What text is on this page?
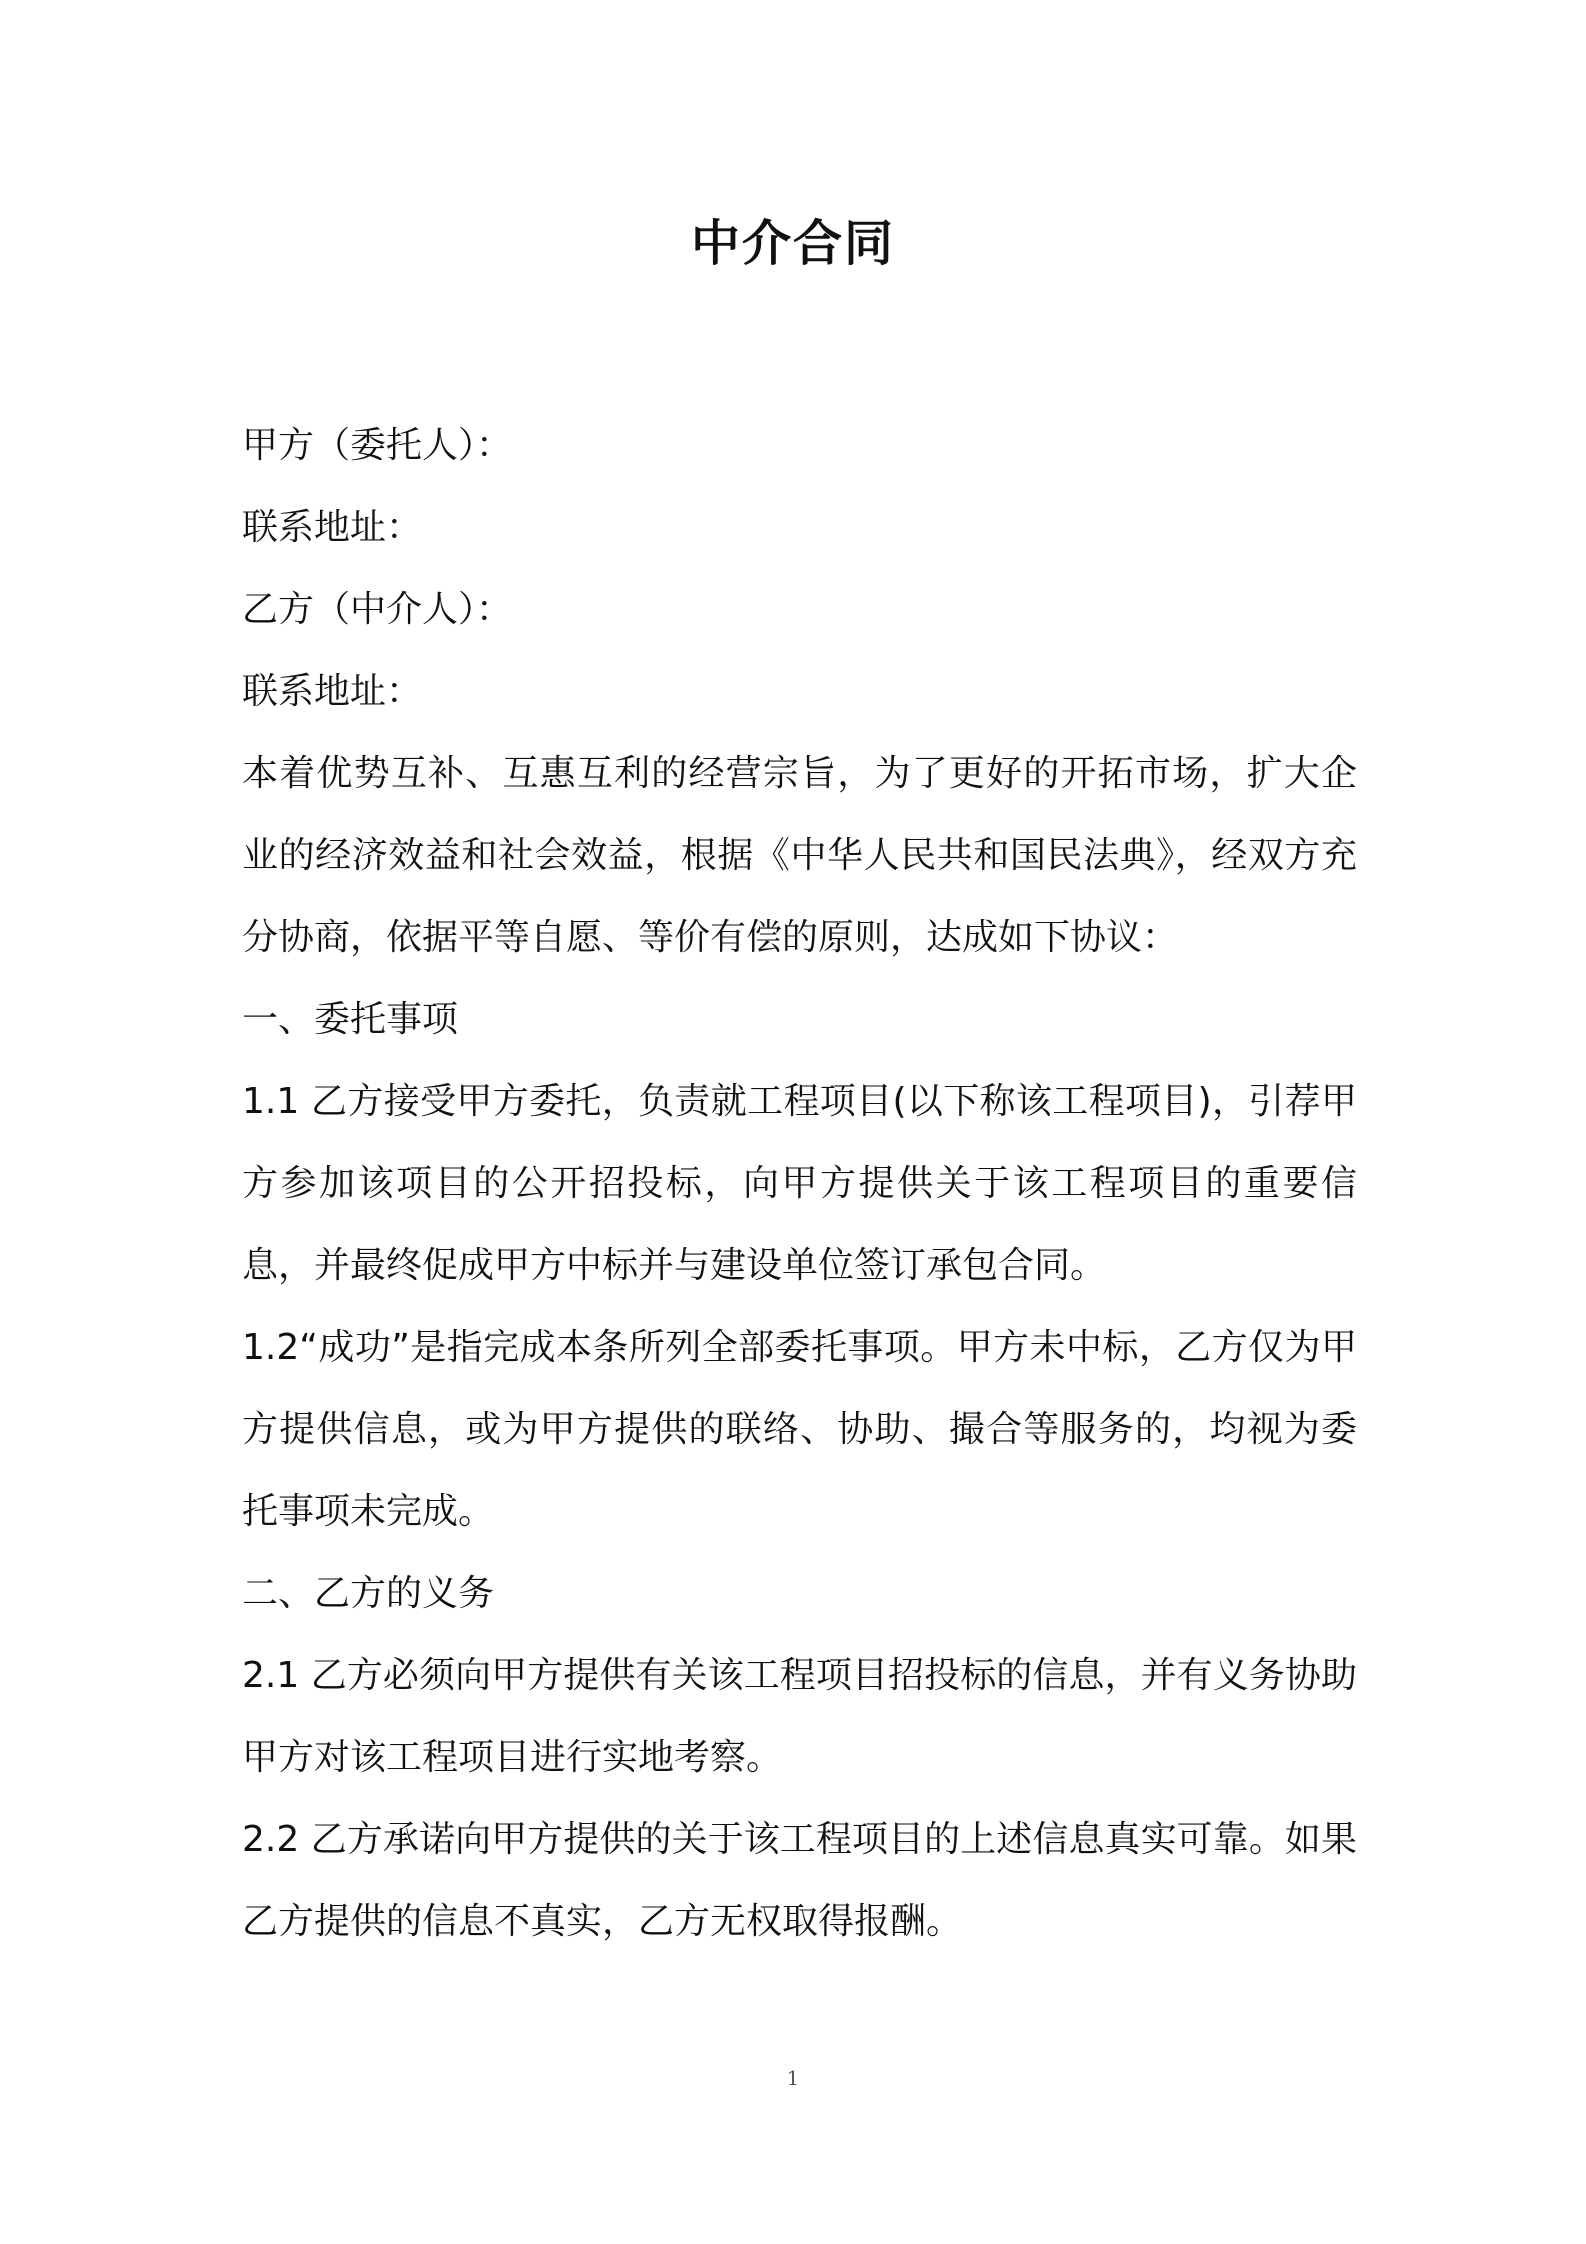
中介合同

甲方（委托人）：

联系地址：

乙方（中介人）：

联系地址：

本着优势互补、互惠互利的经营宗旨，为了更好的开拓市场，扩大企业的经济效益和社会效益，根据《中华人民共和国民法典》，经双方充分协商，依据平等自愿、等价有偿的原则，达成如下协议：

一、委托事项

1.1 乙方接受甲方委托，负责就工程项目(以下称该工程项目)，引荐甲方参加该项目的公开招投标，向甲方提供关于该工程项目的重要信息，并最终促成甲方中标并与建设单位签订承包合同。

1.2“成功”是指完成本条所列全部委托事项。甲方未中标，乙方仅为甲方提供信息，或为甲方提供的联络、协助、撮合等服务的，均视为委托事项未完成。

二、乙方的义务

2.1 乙方必须向甲方提供有关该工程项目招投标的信息，并有义务协助甲方对该工程项目进行实地考察。

2.2 乙方承诺向甲方提供的关于该工程项目的上述信息真实可靠。如果乙方提供的信息不真实，乙方无权取得报酬。

1
